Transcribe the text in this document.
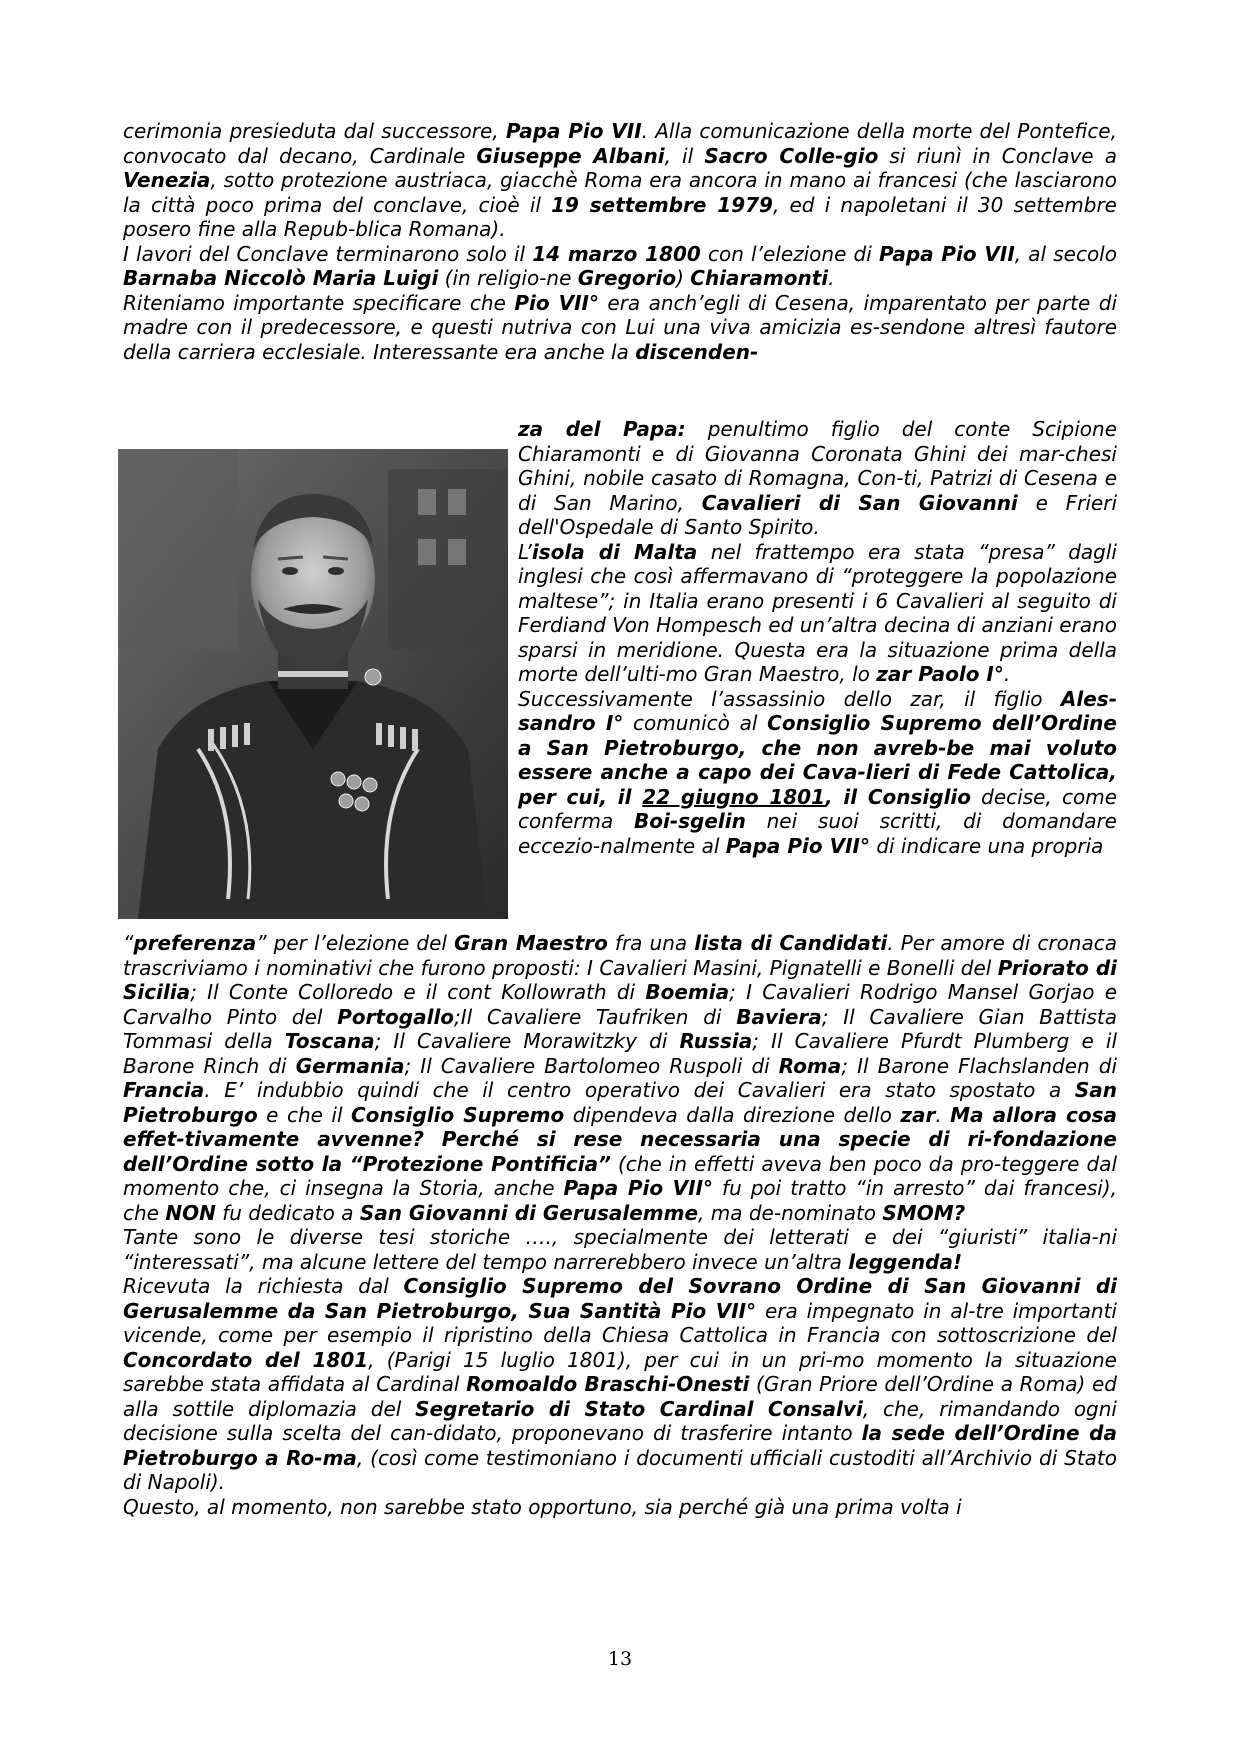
cerimonia presieduta dal successore, Papa Pio VII. Alla comunicazione della morte del Pontefice, convocato dal decano, Cardinale Giuseppe Albani, il Sacro Colle-gio si riunì in Conclave a Venezia, sotto protezione austriaca, giacchè Roma era ancora in mano ai francesi (che lasciarono la città poco prima del conclave, cioè il 19 settembre 1979, ed i napoletani il 30 settembre posero fine alla Repub-blica Romana).

I lavori del Conclave terminarono solo il 14 marzo 1800 con l’elezione di Papa Pio VII, al secolo Barnaba Niccolò Maria Luigi (in religio-ne Gregorio) Chiaramonti.

Riteniamo importante specificare che Pio VII° era anch’egli di Cesena, imparentato per parte di madre con il predecessore, e questi nutriva con Lui una viva amicizia es-sendone altresì fautore della carriera ecclesiale. Interessante era anche la discenden-

za del Papa: penultimo figlio del conte Scipione Chiaramonti e di Giovanna Coronata Ghini dei mar-chesi Ghini, nobile casato di Romagna, Con-ti, Patrizi di Cesena e di San Marino, Cavalieri di San Giovanni e Frieri dell'Ospedale di Santo Spirito.

L’isola di Malta nel frattempo era stata “presa” dagli inglesi che così affermavano di “proteggere la popolazione maltese”; in Italia erano presenti i 6 Cavalieri al seguito di Ferdiand Von Hompesch ed un’altra decina di anziani erano sparsi in meridione. Questa era la situazione prima della morte dell’ulti-mo Gran Maestro, lo zar Paolo I°.

Successivamente l’assassinio dello zar, il figlio Ales-sandro I° comunicò al Consiglio Supremo dell’Ordine a San Pietroburgo, che non avreb-be mai voluto essere anche a capo dei Cava-lieri di Fede Cattolica, per cui, il 22 giugno 1801, il Consiglio decise, come conferma Boi-sgelin nei suoi scritti, di domandare eccezio-nalmente al Papa Pio VII° di indicare una propria

“preferenza” per l’elezione del Gran Maestro fra una lista di Candidati. Per amore di cronaca trascriviamo i nominativi che furono proposti: I Cavalieri Masini, Pignatelli e Bonelli del Priorato di Sicilia; Il Conte Colloredo e il cont Kollowrath di Boemia; I Cavalieri Rodrigo Mansel Gorjao e Carvalho Pinto del Portogallo;Il Cavaliere Taufriken di Baviera; Il Cavaliere Gian Battista Tommasi della Toscana; Il Cavaliere Morawitzky di Russia; Il Cavaliere Pfurdt Plumberg e il Barone Rinch di Germania; Il Cavaliere Bartolomeo Ruspoli di Roma; Il Barone Flachslanden di Francia. E’ indubbio quindi che il centro operativo dei Cavalieri era stato spostato a San Pietroburgo e che il Consiglio Supremo dipendeva dalla direzione dello zar. Ma allora cosa effet-tivamente avvenne? Perché si rese necessaria una specie di ri-fondazione dell’Ordine sotto la “Protezione Pontificia” (che in effetti aveva ben poco da pro-teggere dal momento che, ci insegna la Storia, anche Papa Pio VII° fu poi tratto “in arresto” dai francesi), che NON fu dedicato a San Giovanni di Gerusalemme, ma de-nominato SMOM?

Tante sono le diverse tesi storiche …., specialmente dei letterati e dei “giuristi” italia-ni “interessati”, ma alcune lettere del tempo narrerebbero invece un’altra leggenda!

Ricevuta la richiesta dal Consiglio Supremo del Sovrano Ordine di San Giovanni di Gerusalemme da San Pietroburgo, Sua Santità Pio VII° era impegnato in al-tre importanti vicende, come per esempio il ripristino della Chiesa Cattolica in Francia con sottoscrizione del Concordato del 1801, (Parigi 15 luglio 1801), per cui in un pri-mo momento la situazione sarebbe stata affidata al Cardinal Romoaldo Braschi-Onesti (Gran Priore dell’Ordine a Roma) ed alla sottile diplomazia del Segretario di Stato Cardinal Consalvi, che, rimandando ogni decisione sulla scelta del can-didato, proponevano di trasferire intanto la sede dell’Ordine da Pietroburgo a Ro-ma, (così come testimoniano i documenti ufficiali custoditi all’Archivio di Stato di Napoli).

Questo, al momento, non sarebbe stato opportuno, sia perché già una prima volta i

13
